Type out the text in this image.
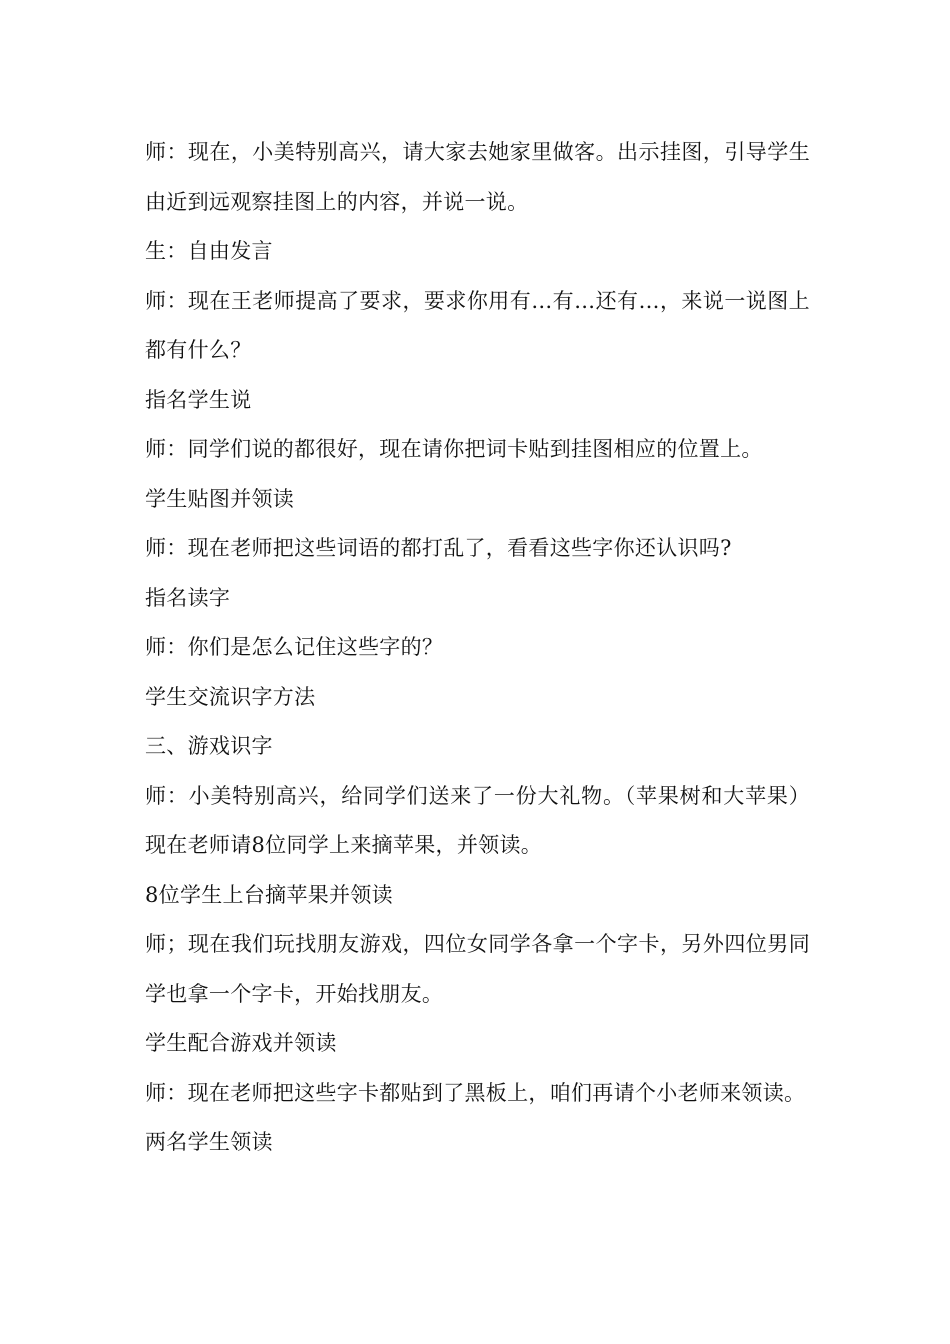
师：现在，小美特别高兴，请大家去她家里做客。出示挂图，引导学生由近到远观察挂图上的内容，并说一说。

生：自由发言

师：现在王老师提高了要求，要求你用有…有…还有…，来说一说图上都有什么？

指名学生说

师：同学们说的都很好，现在请你把词卡贴到挂图相应的位置上。

学生贴图并领读

师：现在老师把这些词语的都打乱了，看看这些字你还认识吗?

指名读字

师：你们是怎么记住这些字的？

学生交流识字方法

三、游戏识字

师：小美特别高兴，给同学们送来了一份大礼物。（苹果树和大苹果）现在老师请8位同学上来摘苹果，并领读。

8位学生上台摘苹果并领读

师；现在我们玩找朋友游戏，四位女同学各拿一个字卡，另外四位男同学也拿一个字卡，开始找朋友。

学生配合游戏并领读

师：现在老师把这些字卡都贴到了黑板上，咱们再请个小老师来领读。

两名学生领读
